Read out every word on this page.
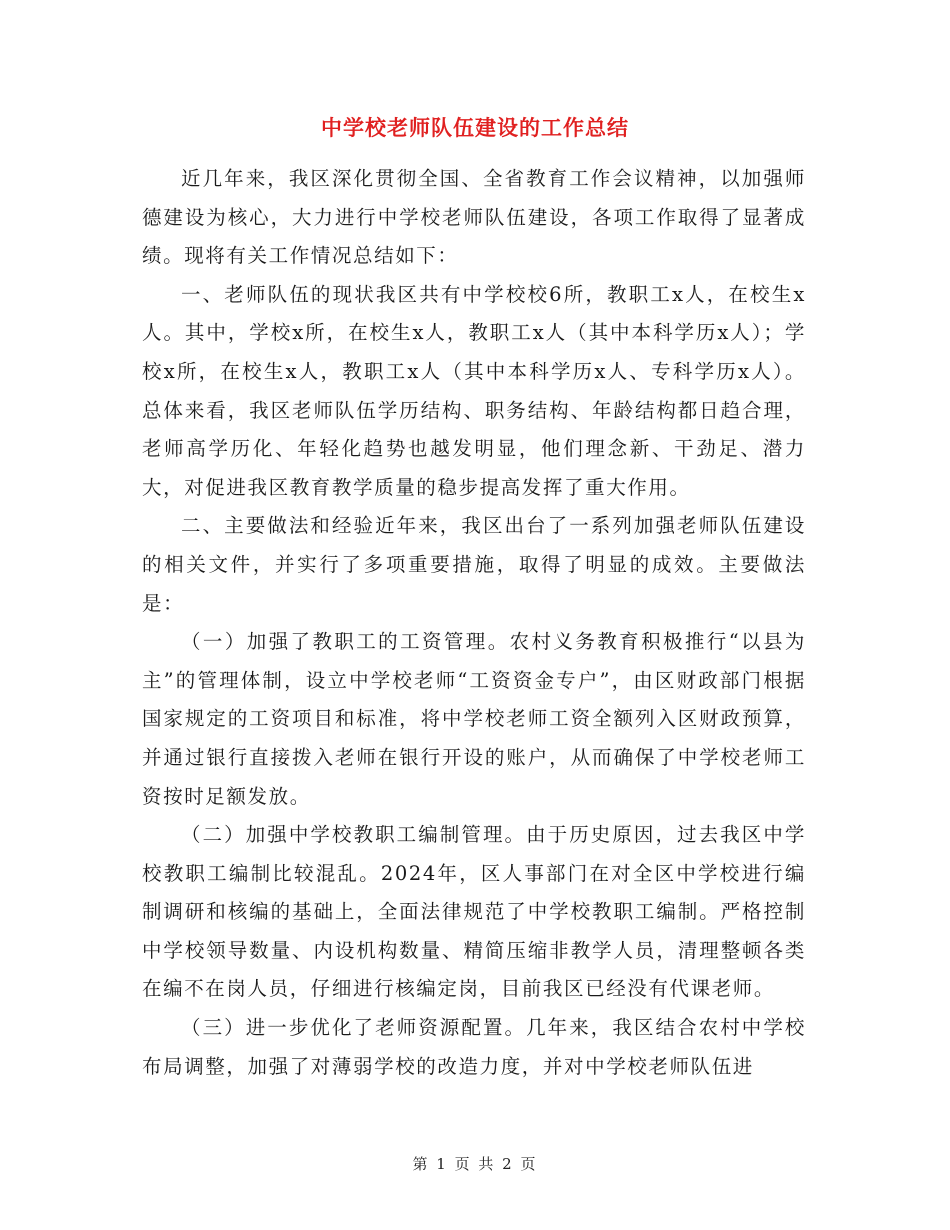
中学校老师队伍建设的工作总结

近几年来，我区深化贯彻全国、全省教育工作会议精神，以加强师德建设为核心，大力进行中学校老师队伍建设，各项工作取得了显著成绩。现将有关工作情况总结如下：

一、老师队伍的现状我区共有中学校校6所，教职工x人，在校生x人。其中，学校x所，在校生x人，教职工x人（其中本科学历x人）；学校x所，在校生x人，教职工x人（其中本科学历x人、专科学历x人）。总体来看，我区老师队伍学历结构、职务结构、年龄结构都日趋合理，老师高学历化、年轻化趋势也越发明显，他们理念新、干劲足、潜力大，对促进我区教育教学质量的稳步提高发挥了重大作用。

二、主要做法和经验近年来，我区出台了一系列加强老师队伍建设的相关文件，并实行了多项重要措施，取得了明显的成效。主要做法是：

（一）加强了教职工的工资管理。农村义务教育积极推行“以县为主”的管理体制，设立中学校老师“工资资金专户”，由区财政部门根据国家规定的工资项目和标准，将中学校老师工资全额列入区财政预算，并通过银行直接拨入老师在银行开设的账户，从而确保了中学校老师工资按时足额发放。

（二）加强中学校教职工编制管理。由于历史原因，过去我区中学校教职工编制比较混乱。2024年，区人事部门在对全区中学校进行编制调研和核编的基础上，全面法律规范了中学校教职工编制。严格控制中学校领导数量、内设机构数量、精简压缩非教学人员，清理整顿各类在编不在岗人员，仔细进行核编定岗，目前我区已经没有代课老师。

（三）进一步优化了老师资源配置。几年来，我区结合农村中学校布局调整，加强了对薄弱学校的改造力度，并对中学校老师队伍进

第 1 页 共 2 页
